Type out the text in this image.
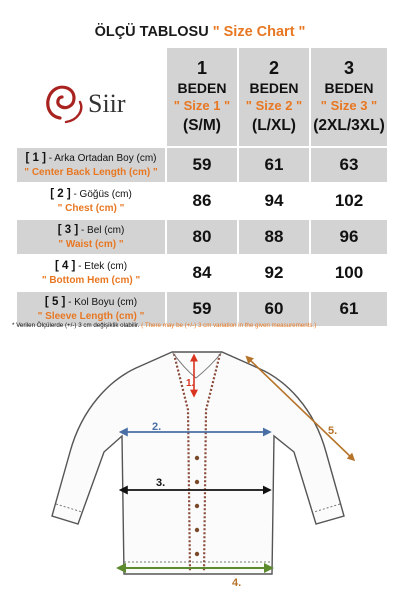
ÖLÇÜ TABLOSU " Size Chart "

	1
BEDEN
" Size 1 "
(S/M)	2
BEDEN
" Size 2 "
(L/XL)	3
BEDEN
" Size 3 "
(2XL/3XL)

[ 1 ] - Arka Ortadan Boy (cm)
" Center Back Length (cm) "	59	61	63

[ 2 ] - Göğüs (cm)
" Chest (cm) "	86	94	102

[ 3 ] - Bel (cm)
" Waist (cm) "	80	88	96

[ 4 ] - Etek (cm)
" Bottom Hem (cm) "	84	92	100

[ 5 ] - Kol Boyu (cm)
" Sleeve Length (cm) "	59	60	61
Siir
* Verilen Ölçülerde (+/-) 3 cm değişiklik olabilir. ( There may be (+/-) 3 cm variation in the given measurements.)
1.
2.
3.
4.
5.
